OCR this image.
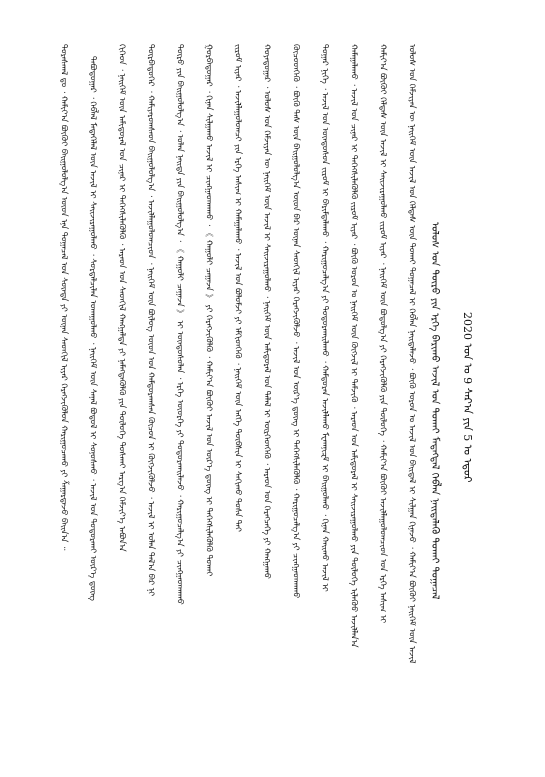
2020 ᠣᠨ ᠤ 9 ᠰᠠᠷ᠎ᠠ ᠶᠢᠨ 5 ᠤ ᠡᠳᠦᠷ
ᠤᠯᠤᠰ ᠤᠨ ᠲᠦᠷᠦ ᠶᠢᠨ ᠡᠷᠬᠡ ᠪᠠᠷᠢᠬᠤ ᠠᠵᠢᠯ ᠤᠨ ᠲᠤᠬᠠᠢ ᠮᠡᠳᠡᠭᠳᠡᠯ ᠬᠡᠪᠯᠡᠨ ᠨᠡᠢᠲᠡᠯᠡᠬᠦ ᠲᠤᠬᠠᠢ ᠲᠤᠭᠠᠴᠠᠯ
ᠤᠯᠤᠰ ᠤᠨ ᠬᠡᠮᠵᠢᠶᠡᠨ ᠦ ᠨᠡᠢᠭᠡᠮ ᠦᠨ ᠠᠵᠢᠯ ᠤᠨ ᠬᠡᠯᠲᠡᠰ ᠦᠨ ᠲᠤᠬᠠᠢ ᠲᠤᠭᠠᠴᠠᠯ ᠢ ᠬᠡᠪᠯᠡᠨ ᠨᠡᠢᠲᠡᠯᠡᠵᠦ ᠂ ᠪᠦᠬᠦ ᠣᠷᠣᠨ ᠤ ᠠᠵᠢᠯ ᠤᠨ ᠪᠠᠢᠳᠠᠯ ᠢ ᠰᠢᠯᠭᠠᠨ ᠬᠢᠨᠠᠵᠤ ᠂ ᠬᠠᠮᠢᠶ᠎ᠠ ᠪᠦᠬᠦᠢ ᠨᠡᠢᠭᠡᠮ ᠦᠨ ᠠᠵᠢᠯ
ᠬᠠᠮᠢᠶ᠎ᠠ ᠪᠦᠬᠦᠢ ᠬᠡᠯᠲᠡᠰ ᠦᠨ ᠠᠵᠢᠯ ᠢ ᠰᠠᠢᠵᠢᠷᠠᠭᠤᠯᠬᠤ ᠵᠢᠷᠤᠮ ᠢᠶᠡᠷ ᠂ ᠨᠡᠢᠭᠡᠮ ᠦᠨ ᠪᠣᠳᠣᠯᠭ᠎ᠠ ᠶᠢ ᠬᠡᠷᠡᠭᠵᠢᠭᠦᠯᠬᠦ ᠶᠢᠨ ᠲᠥᠯᠦᠭᠡ ᠂ ᠬᠠᠮᠢᠶ᠎ᠠ ᠪᠦᠬᠦᠢ ᠠᠵᠢᠯᠯᠠᠭᠤᠯᠤᠭᠴᠢᠳ ᠤᠨ ᠡᠷᠬᠡ ᠠᠰᠢᠭ ᠢ
ᠬᠠᠮᠠᠭᠠᠯᠠᠬᠤ ᠂ ᠠᠵᠢᠯ ᠤᠨ ᠴᠢᠨᠠᠷ ᠢ ᠳᠡᠭᠡᠭᠰᠢᠯᠡᠭᠦᠯᠬᠦ ᠵᠢᠷᠤᠮ ᠢᠶᠡᠷ ᠂ ᠪᠦᠬᠦ ᠣᠷᠣᠨ ᠤ ᠨᠡᠢᠭᠡᠮ ᠦᠨ ᠬᠥᠭᠵᠢᠯ ᠢ ᠳᠡᠮᠵᠢᠬᠦ ᠂ ᠠᠷᠠᠳ ᠤᠨ ᠠᠮᠢᠳᠤᠷᠠᠯ ᠢ ᠰᠠᠢᠵᠢᠷᠠᠭᠤᠯᠬᠤ ᠶᠢᠨ ᠲᠥᠯᠦᠭᠡ ᠢᠯᠡᠭᠦᠦ ᠠᠵᠢᠯᠯᠠᠨ᠎ᠠ
ᠳᠤᠭᠠᠷ ᠨᠢᠭᠡ ᠂ ᠠᠵᠢᠯ ᠤᠨ ᠦᠨᠳᠦᠰᠦᠨ ᠵᠢᠷᠤᠮ ᠢ ᠪᠠᠷᠢᠮᠲᠠᠯᠠᠬᠤ ᠂ ᠬᠠᠷᠢᠭᠤᠴᠠᠯᠭ᠎ᠠ ᠶᠢ ᠲᠣᠳᠣᠷᠬᠠᠢᠯᠠᠬᠤ ᠂ ᠬᠠᠮᠲᠤᠷᠠᠨ ᠠᠵᠢᠯᠯᠠᠬᠤ ᠮᠧᠬᠠᠨᠢᠽᠮ ᠢ ᠪᠠᠢᠭᠤᠯᠬᠤ ᠂ ᠬᠢᠨᠠᠨ ᠬᠠᠢᠬᠤ ᠠᠵᠢᠯ ᠢ
ᠬᠦᠴᠦᠳᠬᠡᠬᠦ ᠂ ᠪᠦᠬᠦ ᠳᠡᠰ ᠦᠨ ᠪᠠᠢᠭᠤᠯᠤᠯᠭ᠎ᠠ ᠦᠳ ᠪᠡᠷ ᠦᠨᠡᠨ ᠰᠡᠳᠬᠢᠯ ᠢᠶᠡᠷ ᠬᠡᠷᠡᠭᠵᠢᠭᠦᠯᠵᠦ ᠂ ᠠᠵᠢᠯ ᠤᠨ ᠦᠷ᠎ᠡ ᠳ᠋ᠦᠩ ᠢ ᠳᠡᠭᠡᠭᠰᠢᠯᠡᠭᠦᠯᠬᠦ ᠂ ᠬᠠᠷᠢᠭᠤᠴᠠᠯᠭ᠎ᠠ ᠶᠢ ᠴᠢᠩᠭᠠᠳᠬᠠᠬᠤ
ᠬᠣᠶᠠᠳᠤᠭᠠᠷ ᠂ ᠤᠯᠤᠰ ᠤᠨ ᠬᠡᠮᠵᠢᠶᠡᠨ ᠦ ᠨᠡᠢᠭᠡᠮ ᠦᠨ ᠠᠵᠢᠯ ᠢ ᠰᠠᠢᠵᠢᠷᠠᠭᠤᠯᠬᠤ ᠂ ᠨᠡᠢᠭᠡᠮ ᠦᠨ ᠠᠮᠢᠳᠤᠷᠠᠯ ᠤᠨ ᠲᠡᠯᠡᠯ ᠢ ᠥᠷᠭᠡᠳᠬᠡᠬᠦ ᠂ ᠠᠷᠠᠳ ᠤᠨ ᠬᠡᠷᠡᠭᠴᠡᠭᠡ ᠶᠢ ᠬᠠᠩᠭᠠᠬᠤ
ᠵᠢᠷᠤᠮ ᠢᠶᠡᠷ ᠂ ᠠᠵᠢᠯᠯᠠᠭᠤᠯᠤᠭᠴᠢ ᠶᠢᠨ ᠡᠷᠬᠡ ᠠᠰᠢᠭ ᠢ ᠬᠠᠮᠠᠭᠠᠯᠠᠬᠤ ᠂ ᠠᠵᠢᠯ ᠤᠨ ᠪᠣᠯᠤᠮᠵᠢ ᠶᠢ ᠡᠮᠬᠢᠳᠬᠡᠬᠦ ᠂ ᠨᠡᠢᠭᠡᠮ ᠦᠨ ᠡᠩᠬᠡ ᠲᠦᠪᠰᠢᠨ ᠢ ᠰᠠᠬᠢᠬᠤ ᠲᠤᠰᠠ ᠲᠠᠢ
ᠭᠤᠷᠪᠠᠳᠤᠭᠠᠷ ᠂ ᠬᠢᠨᠠᠨ ᠰᠢᠯᠭᠠᠬᠤ ᠠᠵᠢᠯ ᠢ ᠴᠢᠩᠭᠠᠳᠬᠠᠬᠤ ᠂ 《 ᠬᠠᠭᠤᠯᠢ ᠴᠠᠭᠠᠵᠠ 》 ᠶᠢ ᠬᠡᠷᠡᠭᠵᠢᠭᠦᠯᠬᠦ ᠂ ᠬᠠᠮᠢᠶ᠎ᠠ ᠪᠦᠬᠦᠢ ᠠᠵᠢᠯ ᠤᠨ ᠦᠷ᠎ᠡ ᠳ᠋ᠦᠩ ᠢ ᠳᠡᠭᠡᠭᠰᠢᠯᠡᠭᠦᠯᠬᠦ ᠲᠤᠬᠠᠢ
ᠲᠦᠷᠦ ᠶᠢᠨ ᠪᠠᠢᠭᠤᠯᠤᠯᠭ᠎ᠠ ᠂ ᠣᠯᠠᠨ ᠨᠡᠢᠲᠡ ᠶᠢᠨ ᠪᠠᠢᠭᠤᠯᠤᠯᠭ᠎ᠠ ᠂ 《 ᠬᠠᠭᠤᠯᠢ ᠴᠠᠭᠠᠵᠠ 》 ᠢ ᠦᠨᠳᠦᠰᠦᠯᠡᠨ ᠂ ᠡᠷᠬᠡ ᠦᠦᠷᠭᠡ ᠶᠢ ᠲᠣᠳᠣᠷᠬᠠᠢᠯᠠᠵᠤ ᠂ ᠬᠠᠷᠢᠭᠤᠴᠠᠯᠭ᠎ᠠ ᠶᠢ ᠴᠢᠩᠭᠠᠳᠬᠠᠬᠤ
ᠳᠥᠷᠪᠡᠳᠦᠭᠡᠷ ᠂ ᠬᠠᠮᠢᠶᠠᠷᠤᠭᠰᠠᠳ ᠪᠠᠢᠭᠤᠯᠤᠯᠭ᠎ᠠ ᠂ ᠠᠵᠢᠯᠯᠠᠭᠤᠯᠤᠭᠴᠢᠳ ᠂ ᠨᠡᠢᠭᠡᠮ ᠦᠨ ᠪᠦᠯᠦᠭ ᠦᠳ ᠤᠨ ᠬᠠᠮᠲᠤᠷᠠᠭᠰᠠᠨ ᠬᠦᠴᠦᠨ ᠢ ᠬᠥᠭᠵᠢᠭᠦᠯᠵᠦ ᠂ ᠠᠵᠢᠯ ᠢ ᠣᠯᠠᠨ ᠲᠠᠯ᠎ᠠ ᠪᠠᠷ ᠨᠢ
ᠬᠢᠭᠡᠳ ᠂ ᠨᠡᠢᠭᠡᠮ ᠦᠨ ᠠᠮᠢᠳᠤᠷᠠᠯ ᠤᠨ ᠴᠢᠨᠠᠷ ᠢ ᠳᠡᠭᠡᠭᠰᠢᠯᠡᠭᠦᠯᠬᠦ ᠂ ᠠᠷᠠᠳ ᠤᠨ ᠰᠡᠳᠬᠢᠯ ᠬᠠᠩᠭᠠᠯᠲᠠ ᠶᠢ ᠨᠡᠮᠡᠭᠳᠡᠭᠦᠯᠬᠦ ᠶᠢᠨ ᠲᠥᠯᠦᠭᠡ ᠲᠤᠰᠬᠠᠢ ᠠᠷᠭ᠎ᠠ ᠬᠡᠮᠵᠢᠶ᠎ᠡ ᠠᠪᠤᠨ᠎ᠠ
ᠲᠠᠪᠤᠳᠤᠭᠠᠷ ᠂ ᠬᠡᠪᠯᠡᠯ ᠮᠡᠳᠡᠭᠡᠯᠡᠯ ᠦᠨ ᠠᠵᠢᠯ ᠢ ᠰᠠᠢᠵᠢᠷᠠᠭᠤᠯᠬᠤ ᠂ ᠰᠤᠷᠲᠠᠯᠴᠢᠯᠠᠨ ᠤᠬᠠᠭᠤᠯᠬᠤ ᠂ ᠨᠡᠢᠭᠡᠮ ᠦᠨ ᠰᠠᠨᠠᠯ ᠪᠣᠳᠤᠯ ᠢ ᠰᠣᠨᠣᠰᠬᠤ ᠂ ᠠᠵᠢᠯ ᠤᠨ ᠲᠣᠳᠣᠷᠬᠠᠢ ᠦᠷ᠎ᠡ ᠳ᠋ᠦᠩ
ᠳᠤᠷᠠᠰᠬᠠᠯ ᠳᠤ ᠂ ᠬᠠᠮᠢᠶ᠎ᠠ ᠪᠦᠬᠦᠢ ᠪᠠᠢᠭᠤᠯᠤᠯᠭ᠎ᠠ ᠦᠳ ᠡᠨᠡ ᠲᠤᠭᠠᠴᠠᠯ ᠤᠨ ᠰᠦᠨᠳᠡ ᠶᠢ ᠦᠨᠡᠨ ᠰᠡᠳᠬᠢᠯ ᠢᠶᠡᠷ ᠬᠡᠷᠡᠭᠵᠢᠭᠦᠯᠦᠨ ᠬᠠᠷᠢᠭᠤᠴᠠᠬᠤ ᠶᠢ ᠱᠠᠭᠠᠷᠳᠠᠵᠤ ᠪᠠᠢᠨ᠎ᠠ ᠃
